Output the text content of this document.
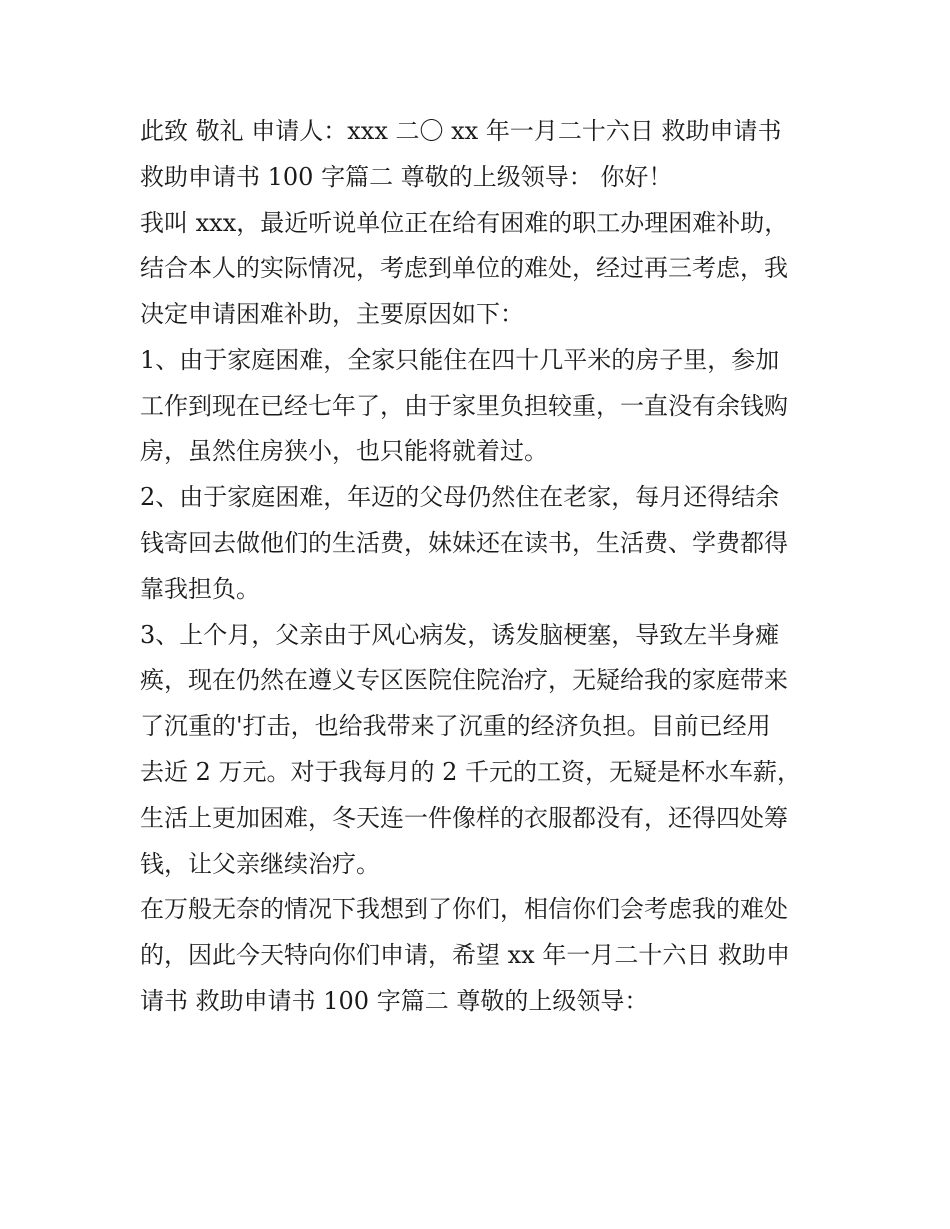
此致 敬礼 申请人：xxx 二〇 xx 年一月二十六日 救助申请书

救助申请书 100 字篇二 尊敬的上级领导： 你好！

我叫 xxx，最近听说单位正在给有困难的职工办理困难补助，

结合本人的实际情况，考虑到单位的难处，经过再三考虑，我

决定申请困难补助，主要原因如下：

1、由于家庭困难，全家只能住在四十几平米的房子里，参加

工作到现在已经七年了，由于家里负担较重，一直没有余钱购

房，虽然住房狭小，也只能将就着过。

2、由于家庭困难，年迈的父母仍然住在老家，每月还得结余

钱寄回去做他们的生活费，妹妹还在读书，生活费、学费都得

靠我担负。

3、上个月，父亲由于风心病发，诱发脑梗塞，导致左半身瘫

痪，现在仍然在遵义专区医院住院治疗，无疑给我的家庭带来

了沉重的'打击，也给我带来了沉重的经济负担。目前已经用

去近 2 万元。对于我每月的 2 千元的工资，无疑是杯水车薪，

生活上更加困难，冬天连一件像样的衣服都没有，还得四处筹

钱，让父亲继续治疗。

在万般无奈的情况下我想到了你们，相信你们会考虑我的难处

的，因此今天特向你们申请，希望 xx 年一月二十六日 救助申

请书 救助申请书 100 字篇二 尊敬的上级领导：
